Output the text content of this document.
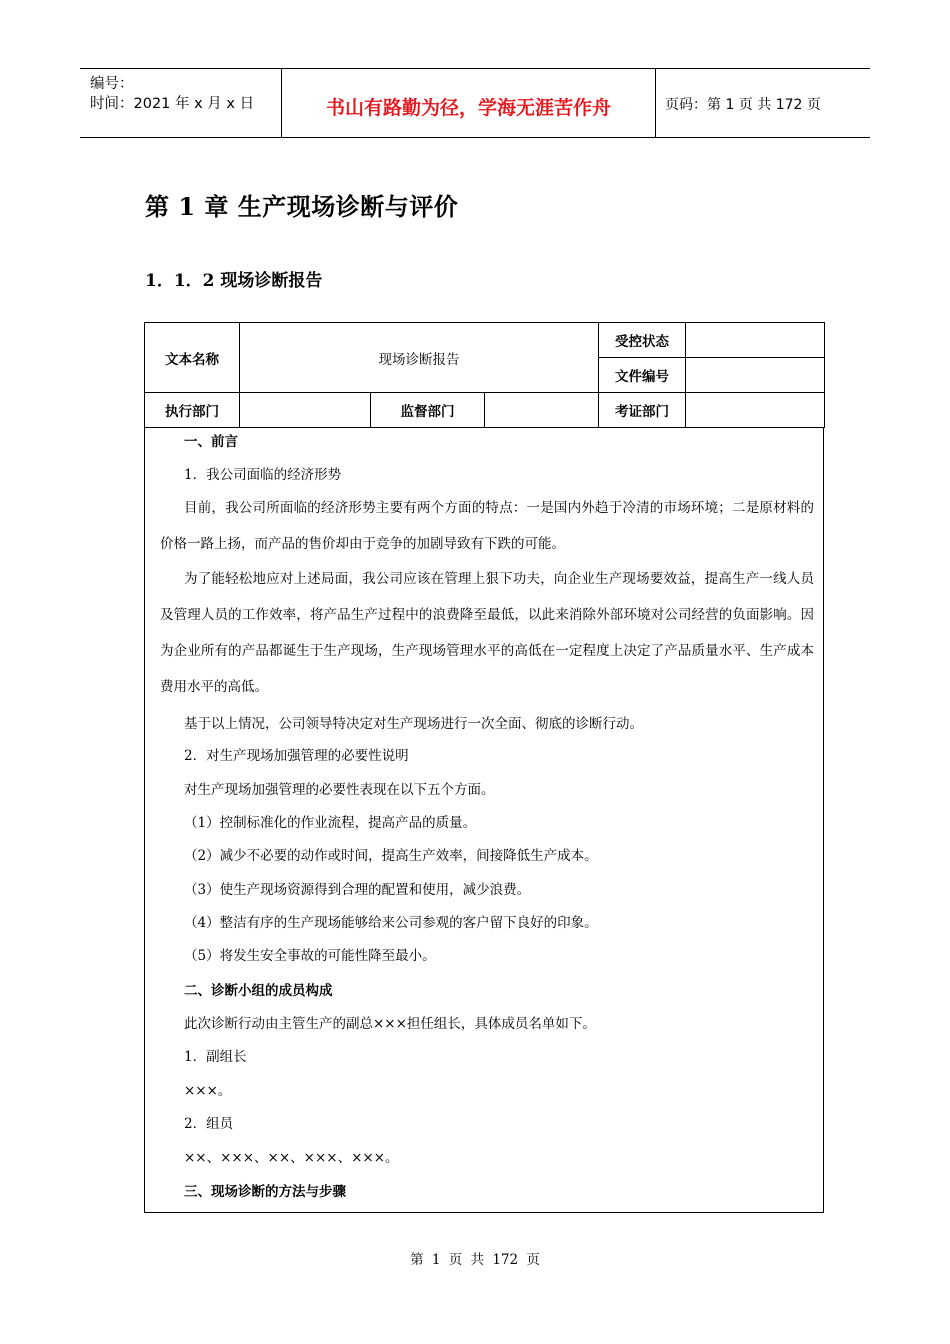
编号：
时间：2021 年 x 月 x 日	书山有路勤为径，学海无涯苦作舟	页码：第 1 页 共 172 页
第 1 章 生产现场诊断与评价
1．1．2 现场诊断报告
文本名称	现场诊断报告			受控状态	
				文件编号	
执行部门		监督部门		考证部门	

一、前言

1．我公司面临的经济形势

目前，我公司所面临的经济形势主要有两个方面的特点：一是国内外趋于冷清的市场环境；二是原材料的价格一路上扬，而产品的售价却由于竞争的加剧导致有下跌的可能。

为了能轻松地应对上述局面，我公司应该在管理上狠下功夫，向企业生产现场要效益，提高生产一线人员及管理人员的工作效率，将产品生产过程中的浪费降至最低，以此来消除外部环境对公司经营的负面影响。因为企业所有的产品都诞生于生产现场，生产现场管理水平的高低在一定程度上决定了产品质量水平、生产成本费用水平的高低。

基于以上情况，公司领导特决定对生产现场进行一次全面、彻底的诊断行动。

2．对生产现场加强管理的必要性说明

对生产现场加强管理的必要性表现在以下五个方面。

（1）控制标准化的作业流程，提高产品的质量。

（2）减少不必要的动作或时间，提高生产效率，间接降低生产成本。

（3）使生产现场资源得到合理的配置和使用，减少浪费。

（4）整洁有序的生产现场能够给来公司参观的客户留下良好的印象。

（5）将发生安全事故的可能性降至最小。

二、诊断小组的成员构成

此次诊断行动由主管生产的副总×××担任组长，具体成员名单如下。

1．副组长

×××。

2．组员

××、×××、××、×××、×××。

三、现场诊断的方法与步骤

第 1 页 共 172 页
